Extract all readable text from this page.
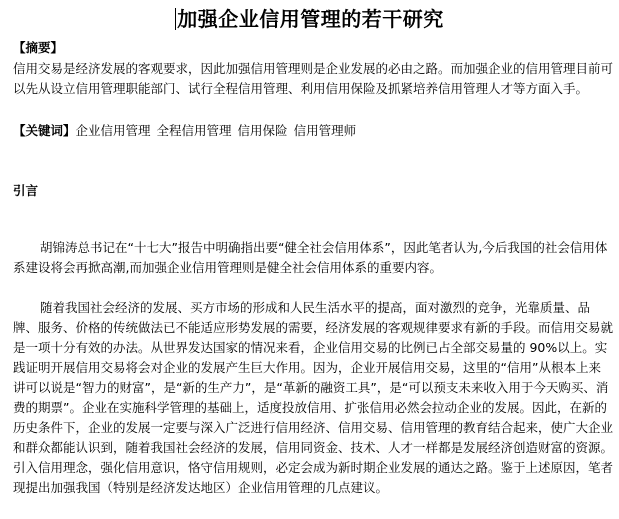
加强企业信用管理的若干研究
【摘要】
信用交易是经济发展的客观要求，因此加强信用管理则是企业发展的必由之路。而加强企业的信用管理目前可以先从设立信用管理职能部门、试行全程信用管理、利用信用保险及抓紧培养信用管理人才等方面入手。
【关键词】企业信用管理 全程信用管理 信用保险 信用管理师
引言
胡锦涛总书记在“十七大”报告中明确指出要“健全社会信用体系”，因此笔者认为,今后我国的社会信用体系建设将会再掀高潮,而加强企业信用管理则是健全社会信用体系的重要内容。
随着我国社会经济的发展、买方市场的形成和人民生活水平的提高，面对激烈的竞争，光靠质量、品牌、服务、价格的传统做法已不能适应形势发展的需要，经济发展的客观规律要求有新的手段。而信用交易就是一项十分有效的办法。从世界发达国家的情况来看，企业信用交易的比例已占全部交易量的 90%以上。实践证明开展信用交易将会对企业的发展产生巨大作用。因为，企业开展信用交易，这里的“信用”从根本上来讲可以说是“智力的财富”，是“新的生产力”，是“革新的融资工具”，是“可以预支未来收入用于今天购买、消费的期票”。企业在实施科学管理的基础上，适度投放信用、扩张信用必然会拉动企业的发展。因此，在新的历史条件下，企业的发展一定要与深入广泛进行信用经济、信用交易、信用管理的教育结合起来，使广大企业和群众都能认识到，随着我国社会经济的发展，信用同资金、技术、人才一样都是发展经济创造财富的资源。引入信用理念，强化信用意识，恪守信用规则，必定会成为新时期企业发展的通达之路。鉴于上述原因，笔者现提出加强我国（特别是经济发达地区）企业信用管理的几点建议。
